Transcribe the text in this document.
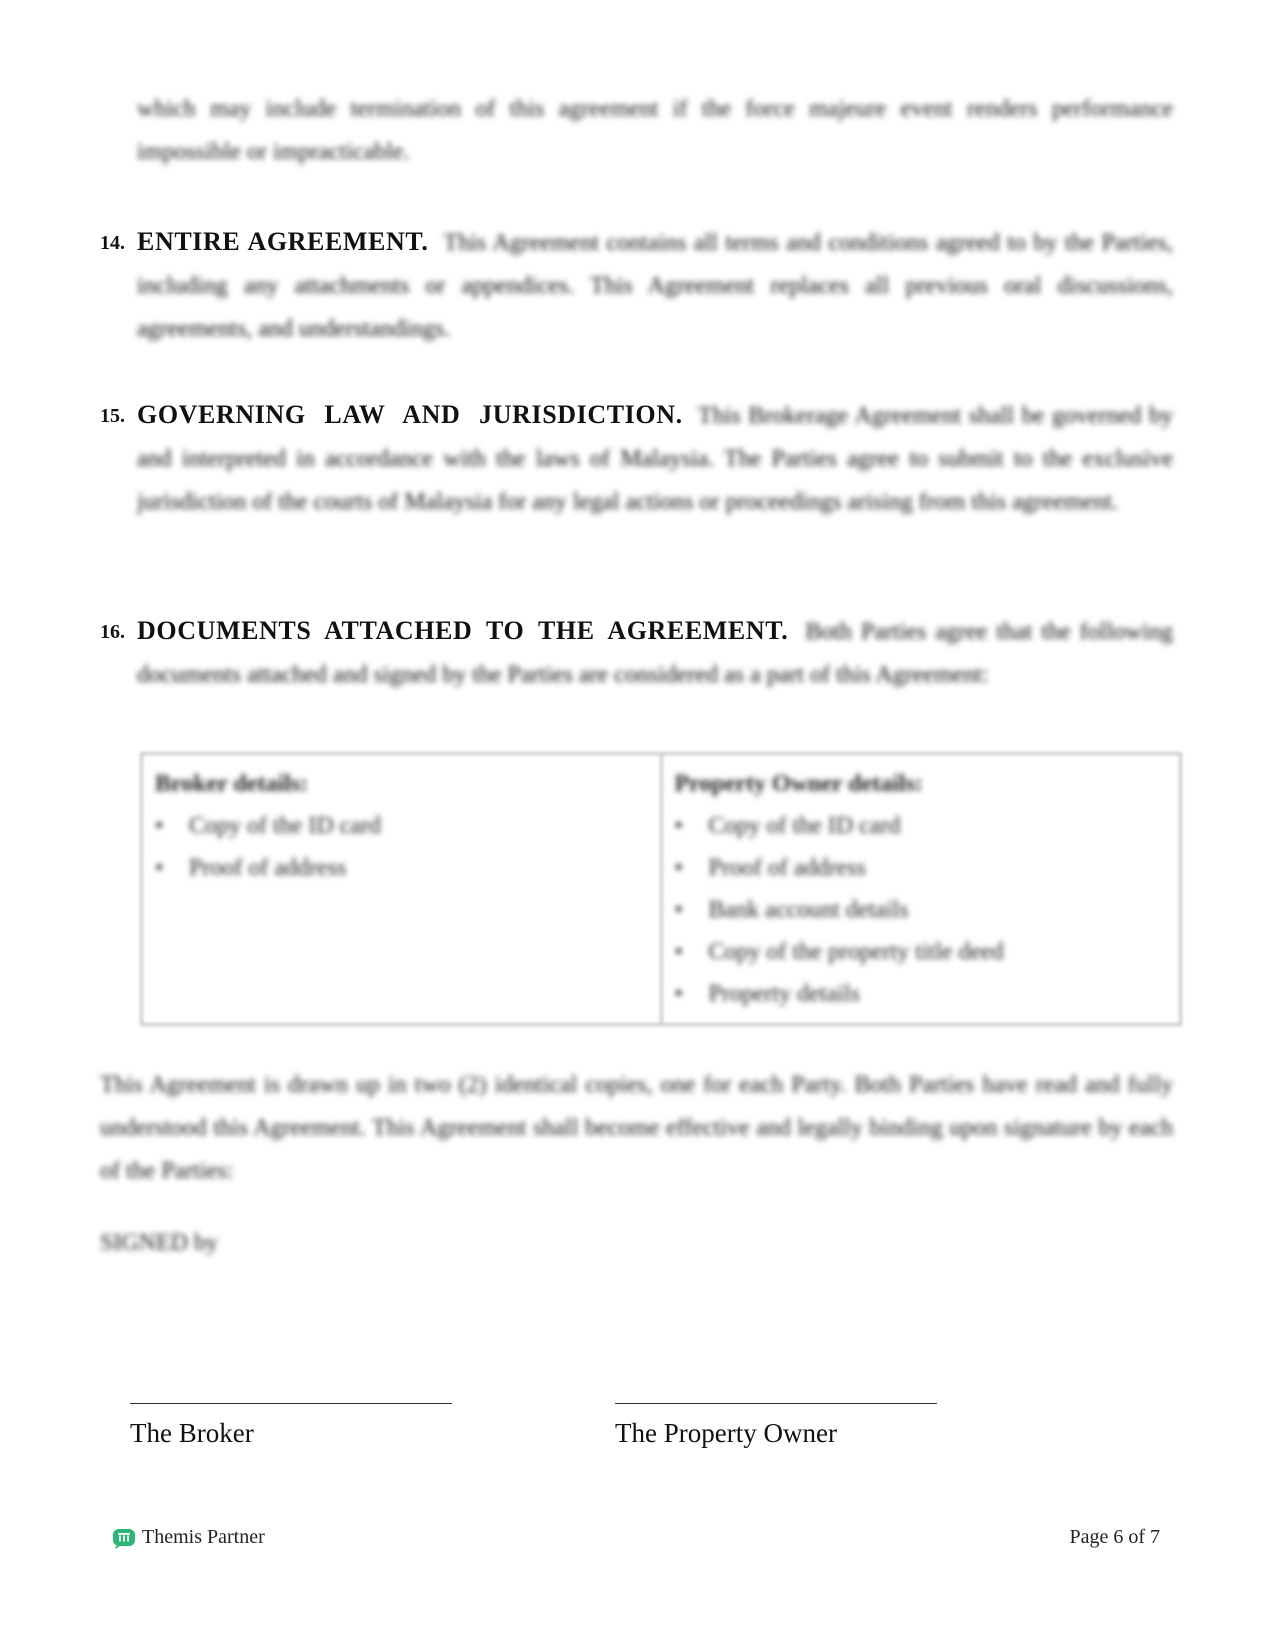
which may include termination of this agreement if the force majeure event renders performance impossible or impracticable.
14. ENTIRE AGREEMENT. This Agreement contains all terms and conditions agreed to by the Parties, including any attachments or appendices. This Agreement replaces all previous oral discussions, agreements, and understandings.
15. GOVERNING LAW AND JURISDICTION. This Brokerage Agreement shall be governed by and interpreted in accordance with the laws of Malaysia. The Parties agree to submit to the exclusive jurisdiction of the courts of Malaysia for any legal actions or proceedings arising from this agreement.
16. DOCUMENTS ATTACHED TO THE AGREEMENT. Both Parties agree that the following documents attached and signed by the Parties are considered as a part of this Agreement:
Broker details:
• Copy of the ID card
• Proof of address
Property Owner details:
• Copy of the ID card
• Proof of address
• Bank account details
• Copy of the property title deed
• Property details
This Agreement is drawn up in two (2) identical copies, one for each Party. Both Parties have read and fully understood this Agreement. This Agreement shall become effective and legally binding upon signature by each of the Parties:
SIGNED by
The Broker	The Property Owner
Themis Partner	Page 6 of 7
